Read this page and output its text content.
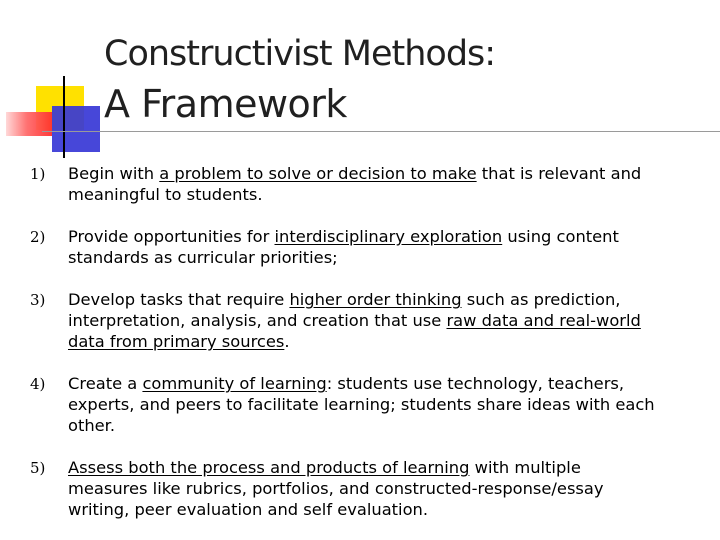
Constructivist Methods:
A Framework
1) Begin with a problem to solve or decision to make that is relevant and
meaningful to students.
2) Provide opportunities for interdisciplinary exploration using content
standards as curricular priorities;
3) Develop tasks that require higher order thinking such as prediction,
interpretation, analysis, and creation that use raw data and real-world
data from primary sources.
4) Create a community of learning: students use technology, teachers,
experts, and peers to facilitate learning; students share ideas with each
other.
5) Assess both the process and products of learning with multiple
measures like rubrics, portfolios, and constructed-response/essay
writing, peer evaluation and self evaluation.
